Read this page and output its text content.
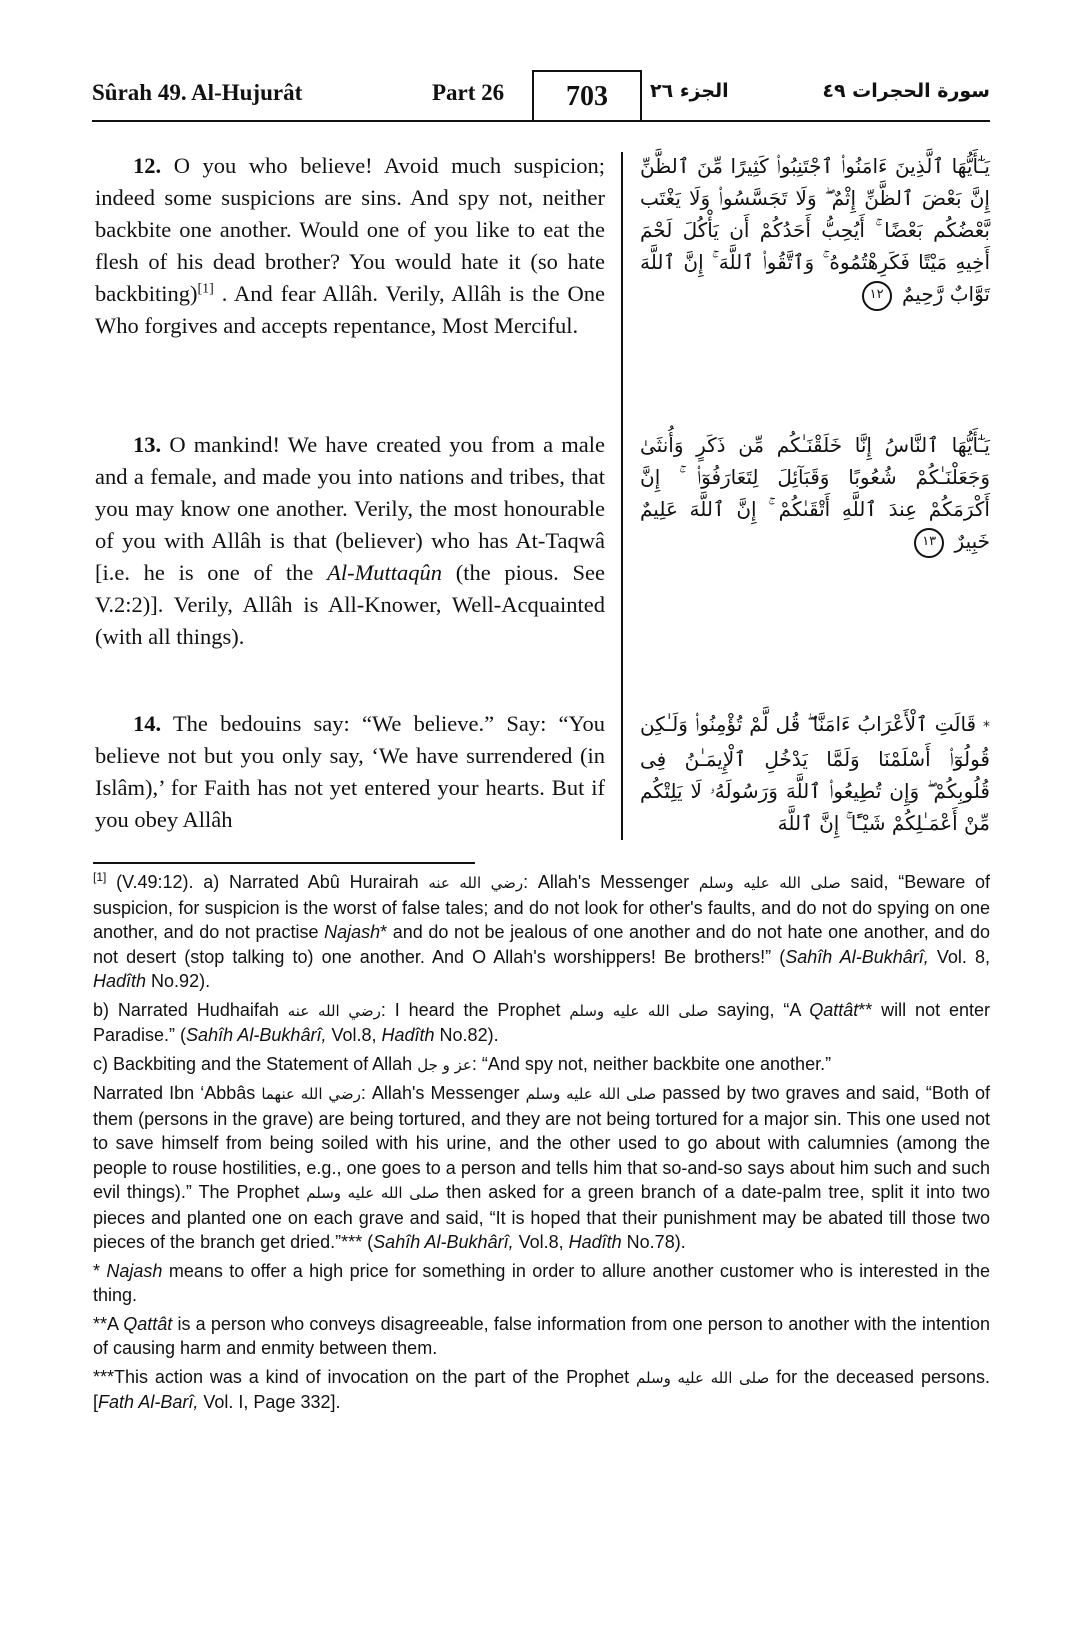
Sûrah 49. Al-Hujurât	Part 26 703 الجزء ٢٦	سورة الحجرات ٤٩

12. O you who believe! Avoid much suspicion; indeed some suspicions are sins. And spy not, neither backbite one another. Would one of you like to eat the flesh of his dead brother? You would hate it (so hate backbiting)[1] . And fear Allâh. Verily, Allâh is the One Who forgives and accepts repentance, Most Merciful.

13. O mankind! We have created you from a male and a female, and made you into nations and tribes, that you may know one another. Verily, the most honourable of you with Allâh is that (believer) who has At-Taqwâ [i.e. he is one of the Al-Muttaqûn (the pious. See V.2:2)]. Verily, Allâh is All-Knower, Well-Acquainted (with all things).

14. The bedouins say: “We believe.” Say: “You believe not but you only say, ‘We have surrendered (in Islâm),’ for Faith has not yet entered your hearts. But if you obey Allâh

يَـٰٓأَيُّهَا ٱلَّذِينَ ءَامَنُوا۟ ٱجْتَنِبُوا۟ كَثِيرًا مِّنَ ٱلظَّنِّ إِنَّ بَعْضَ ٱلظَّنِّ إِثْمٌ ۖ وَلَا تَجَسَّسُوا۟ وَلَا يَغْتَب بَّعْضُكُم بَعْضًا ۚ أَيُحِبُّ أَحَدُكُمْ أَن يَأْكُلَ لَحْمَ أَخِيهِ مَيْتًا فَكَرِهْتُمُوهُ ۚ وَٱتَّقُوا۟ ٱللَّهَ ۚ إِنَّ ٱللَّهَ تَوَّابٌ رَّحِيمٌ ١٢
يَـٰٓأَيُّهَا ٱلنَّاسُ إِنَّا خَلَقْنَـٰكُم مِّن ذَكَرٍ وَأُنثَىٰ وَجَعَلْنَـٰكُمْ شُعُوبًا وَقَبَآئِلَ لِتَعَارَفُوٓا۟ ۚ إِنَّ أَكْرَمَكُمْ عِندَ ٱللَّهِ أَتْقَىٰكُمْ ۚ إِنَّ ٱللَّهَ عَلِيمٌ خَبِيرٌ ١٣
* قَالَتِ ٱلْأَعْرَابُ ءَامَنَّا ۖ قُل لَّمْ تُؤْمِنُوا۟ وَلَـٰكِن قُولُوٓا۟ أَسْلَمْنَا وَلَمَّا يَدْخُلِ ٱلْإِيمَـٰنُ فِى قُلُوبِكُمْ ۖ وَإِن تُطِيعُوا۟ ٱللَّهَ وَرَسُولَهُۥ لَا يَلِتْكُم مِّنْ أَعْمَـٰلِكُمْ شَيْـًٔا ۚ إِنَّ ٱللَّهَ

[1] (V.49:12). a) Narrated Abû Hurairah رضي الله عنه: Allah's Messenger صلى الله عليه وسلم said, “Beware of suspicion, for suspicion is the worst of false tales; and do not look for other's faults, and do not do spying on one another, and do not practise Najash* and do not be jealous of one another and do not hate one another, and do not desert (stop talking to) one another. And O Allah's worshippers! Be brothers!” (Sahîh Al-Bukhârî, Vol. 8, Hadîth No.92).

b) Narrated Hudhaifah رضي الله عنه: I heard the Prophet صلى الله عليه وسلم saying, “A Qattât** will not enter Paradise.” (Sahîh Al-Bukhârî, Vol.8, Hadîth No.82).

c) Backbiting and the Statement of Allah عز و جل: “And spy not, neither backbite one another.”

Narrated Ibn ‘Abbâs رضي الله عنهما: Allah's Messenger صلى الله عليه وسلم passed by two graves and said, “Both of them (persons in the grave) are being tortured, and they are not being tortured for a major sin. This one used not to save himself from being soiled with his urine, and the other used to go about with calumnies (among the people to rouse hostilities, e.g., one goes to a person and tells him that so-and-so says about him such and such evil things).” The Prophet صلى الله عليه وسلم then asked for a green branch of a date-palm tree, split it into two pieces and planted one on each grave and said, “It is hoped that their punishment may be abated till those two pieces of the branch get dried.”*** (Sahîh Al-Bukhârî, Vol.8, Hadîth No.78).

* Najash means to offer a high price for something in order to allure another customer who is interested in the thing.

**A Qattât is a person who conveys disagreeable, false information from one person to another with the intention of causing harm and enmity between them.

***This action was a kind of invocation on the part of the Prophet صلى الله عليه وسلم for the deceased persons. [Fath Al-Barî, Vol. I, Page 332].
